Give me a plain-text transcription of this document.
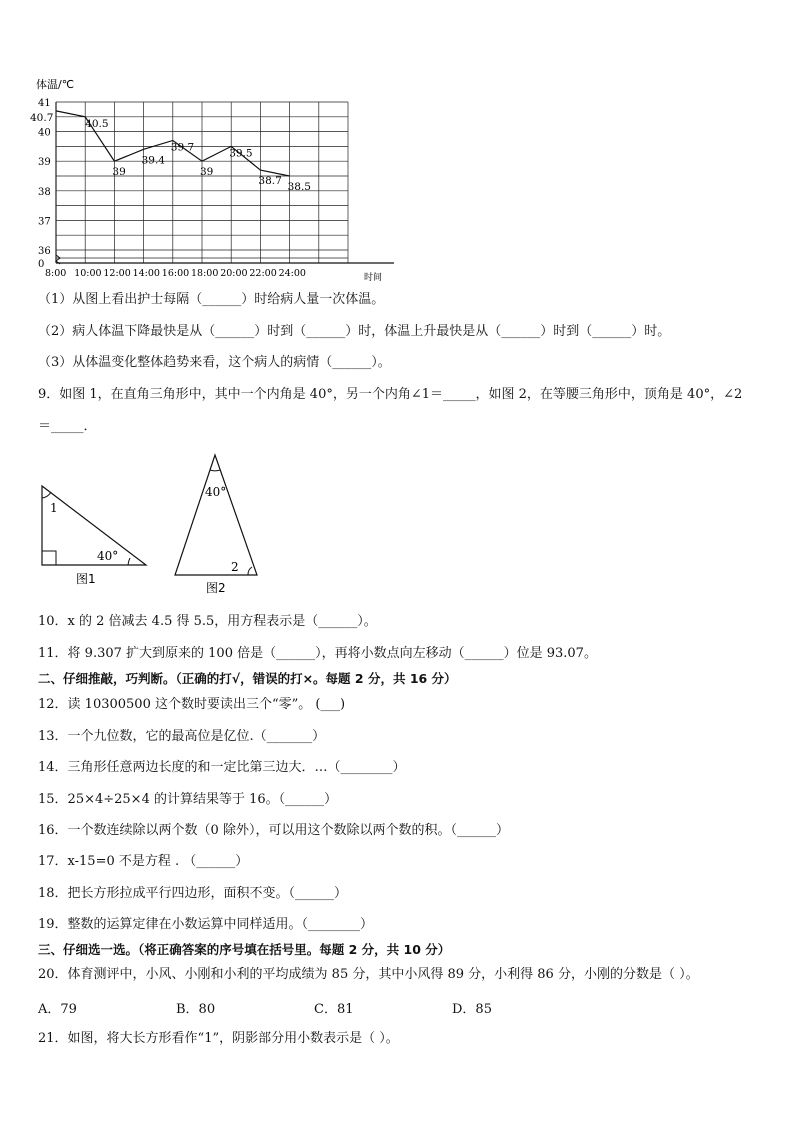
体温/℃
时间
41
40
39
38
37
36
0
8:00 10:00 12:00 14:00 16:00 18:00 20:00 22:00 24:00
40.7	40.5
39
39.4
39.7
39
39.5
38.7 38.5
（1）从图上看出护士每隔（______）时给病人量一次体温。
（2）病人体温下降最快是从（______）时到（______）时，体温上升最快是从（______）时到（______）时。
（3）从体温变化整体趋势来看，这个病人的病情（______）。
9．如图 1，在直角三角形中，其中一个内角是 40°，另一个内角∠1＝_____，如图 2，在等腰三角形中，顶角是 40°，∠2
＝_____．
1
40°
图1
40°
2
图2
10．x 的 2 倍减去 4.5 得 5.5，用方程表示是（______）。
11．将 9.307 扩大到原来的 100 倍是（______），再将小数点向左移动（______）位是 93.07。
二、仔细推敲，巧判断。（正确的打√，错误的打×。每题 2 分，共 16 分）
12．读 10300500 这个数时要读出三个“零”。 (___)
13．一个九位数，它的最高位是亿位.（_______）
14．三角形任意两边长度的和一定比第三边大．…（________）
15．25×4÷25×4 的计算结果等于 16。（______）
16．一个数连续除以两个数（0 除外），可以用这个数除以两个数的积。（______）
17．x-15=0 不是方程 . （______）
18．把长方形拉成平行四边形，面积不变。（______）
19．整数的运算定律在小数运算中同样适用。（________）
三、仔细选一选。（将正确答案的序号填在括号里。每题 2 分，共 10 分）
20．体育测评中，小风、小刚和小利的平均成绩为 85 分，其中小风得 89 分，小利得 86 分，小刚的分数是（ ）。
A．79	B．80	C．81	D．85
21．如图，将大长方形看作“1”，阴影部分用小数表示是（ ）。
